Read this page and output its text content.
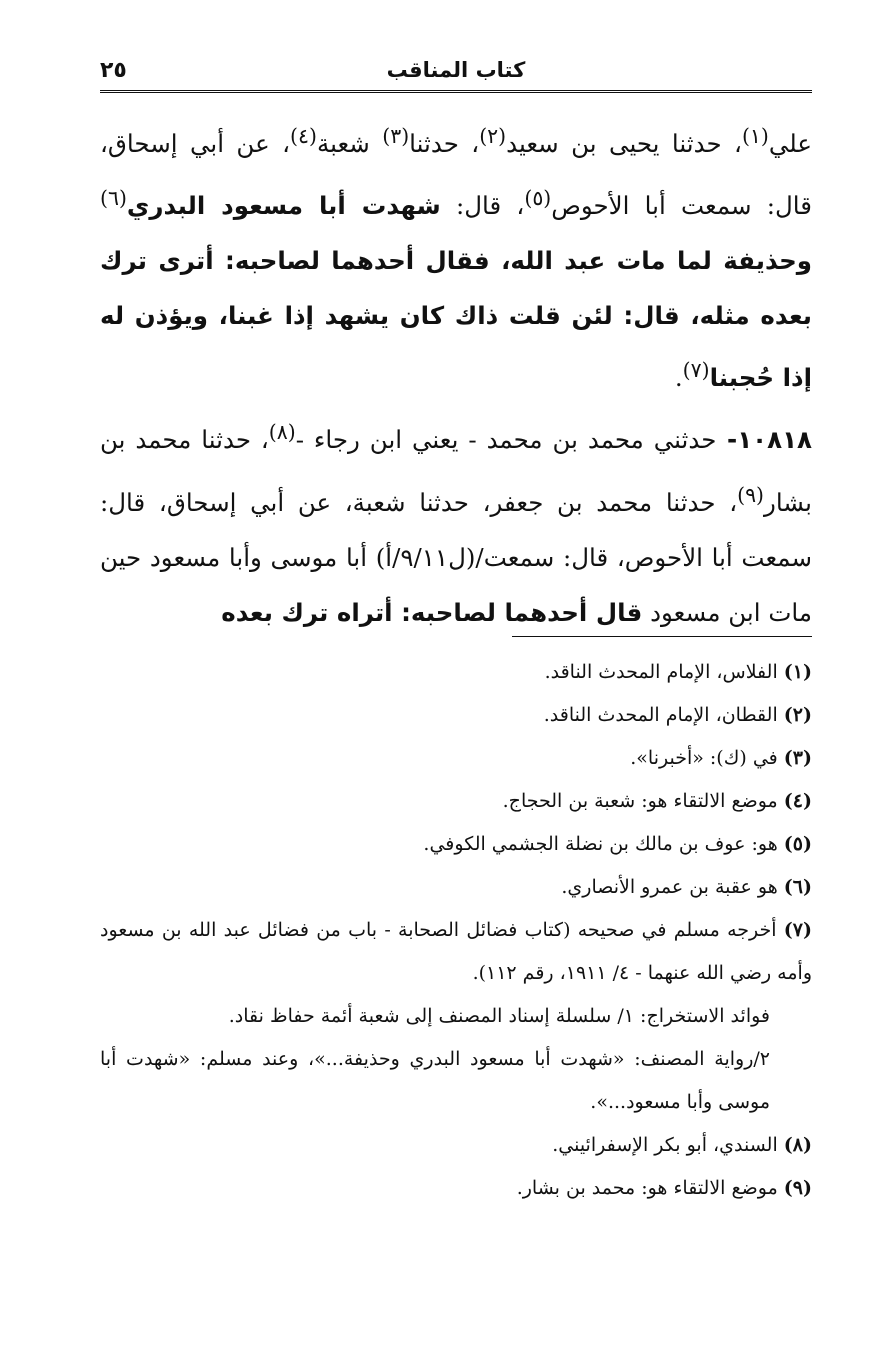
كتاب المناقب
٢٥

علي$^{(١)}$، حدثنا يحيى بن سعيد$^{(٢)}$، حدثنا$^{(٣)}$ شعبة$^{(٤)}$، عن أبي إسحاق، قال: سمعت أبا الأحوص$^{(٥)}$، قال: شهدت أبا مسعود البدري$^{(٦)}$ وحذيفة لما مات عبد الله، فقال أحدهما لصاحبه: أترى ترك بعده مثله، قال: لئن قلت ذاك كان يشهد إذا غبنا، ويؤذن له إذا حُجبنا$^{(٧)}$.

١٠٨١٨- حدثني محمد بن محمد - يعني ابن رجاء -$^{(٨)}$، حدثنا محمد بن بشار$^{(٩)}$، حدثنا محمد بن جعفر، حدثنا شعبة، عن أبي إسحاق، قال: سمعت أبا الأحوص، قال: سمعت/(ل٩/١١/أ) أبا موسى وأبا مسعود حين مات ابن مسعود قال أحدهما لصاحبه: أتراه ترك بعده

(١) الفلاس، الإمام المحدث الناقد.

(٢) القطان، الإمام المحدث الناقد.

(٣) في (ك): «أخبرنا».

(٤) موضع الالتقاء هو: شعبة بن الحجاج.

(٥) هو: عوف بن مالك بن نضلة الجشمي الكوفي.

(٦) هو عقبة بن عمرو الأنصاري.

(٧) أخرجه مسلم في صحيحه (كتاب فضائل الصحابة - باب من فضائل عبد الله بن مسعود وأمه رضي الله عنهما - ٤/ ١٩١١، رقم ١١٢).

فوائد الاستخراج: ١/ سلسلة إسناد المصنف إلى شعبة أئمة حفاظ نقاد.

٢/رواية المصنف: «شهدت أبا مسعود البدري وحذيفة...»، وعند مسلم: «شهدت أبا موسى وأبا مسعود...».

(٨) السندي، أبو بكر الإسفرائيني.

(٩) موضع الالتقاء هو: محمد بن بشار.
